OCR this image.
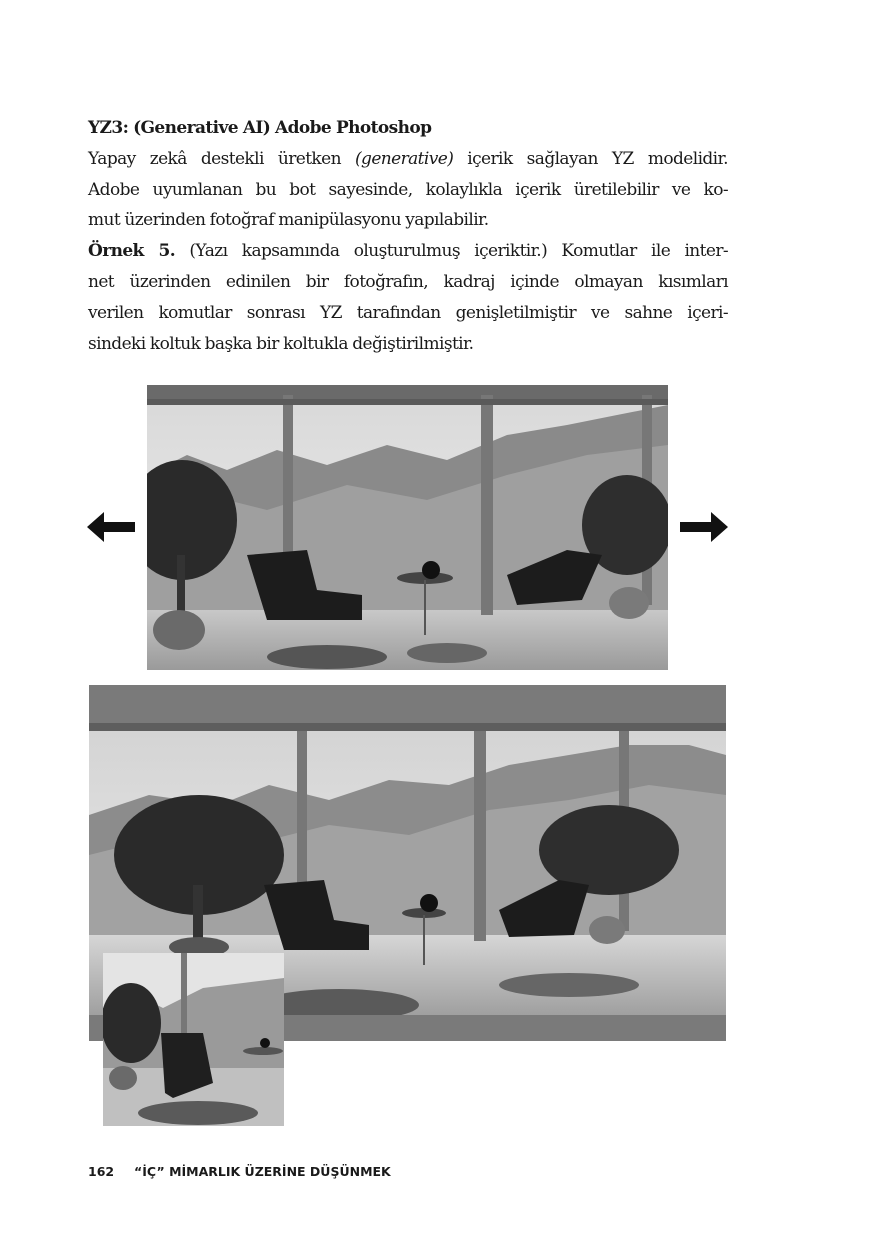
YZ3: (Generative AI) Adobe Photoshop
Yapay zekâ destekli üretken (generative) içerik sağlayan YZ modelidir.
Adobe uyumlanan bu bot sayesinde, kolaylıkla içerik üretilebilir ve ko-
mut üzerinden fotoğraf manipülasyonu yapılabilir.
Örnek 5. (Yazı kapsamında oluşturulmuş içeriktir.) Komutlar ile inter-
net üzerinden edinilen bir fotoğrafın, kadraj içinde olmayan kısımları
verilen komutlar sonrası YZ tarafından genişletilmiştir ve sahne içeri-
sindeki koltuk başka bir koltukla değiştirilmiştir.
162 “İÇ” MİMARLIK ÜZERİNE DÜŞÜNMEK
